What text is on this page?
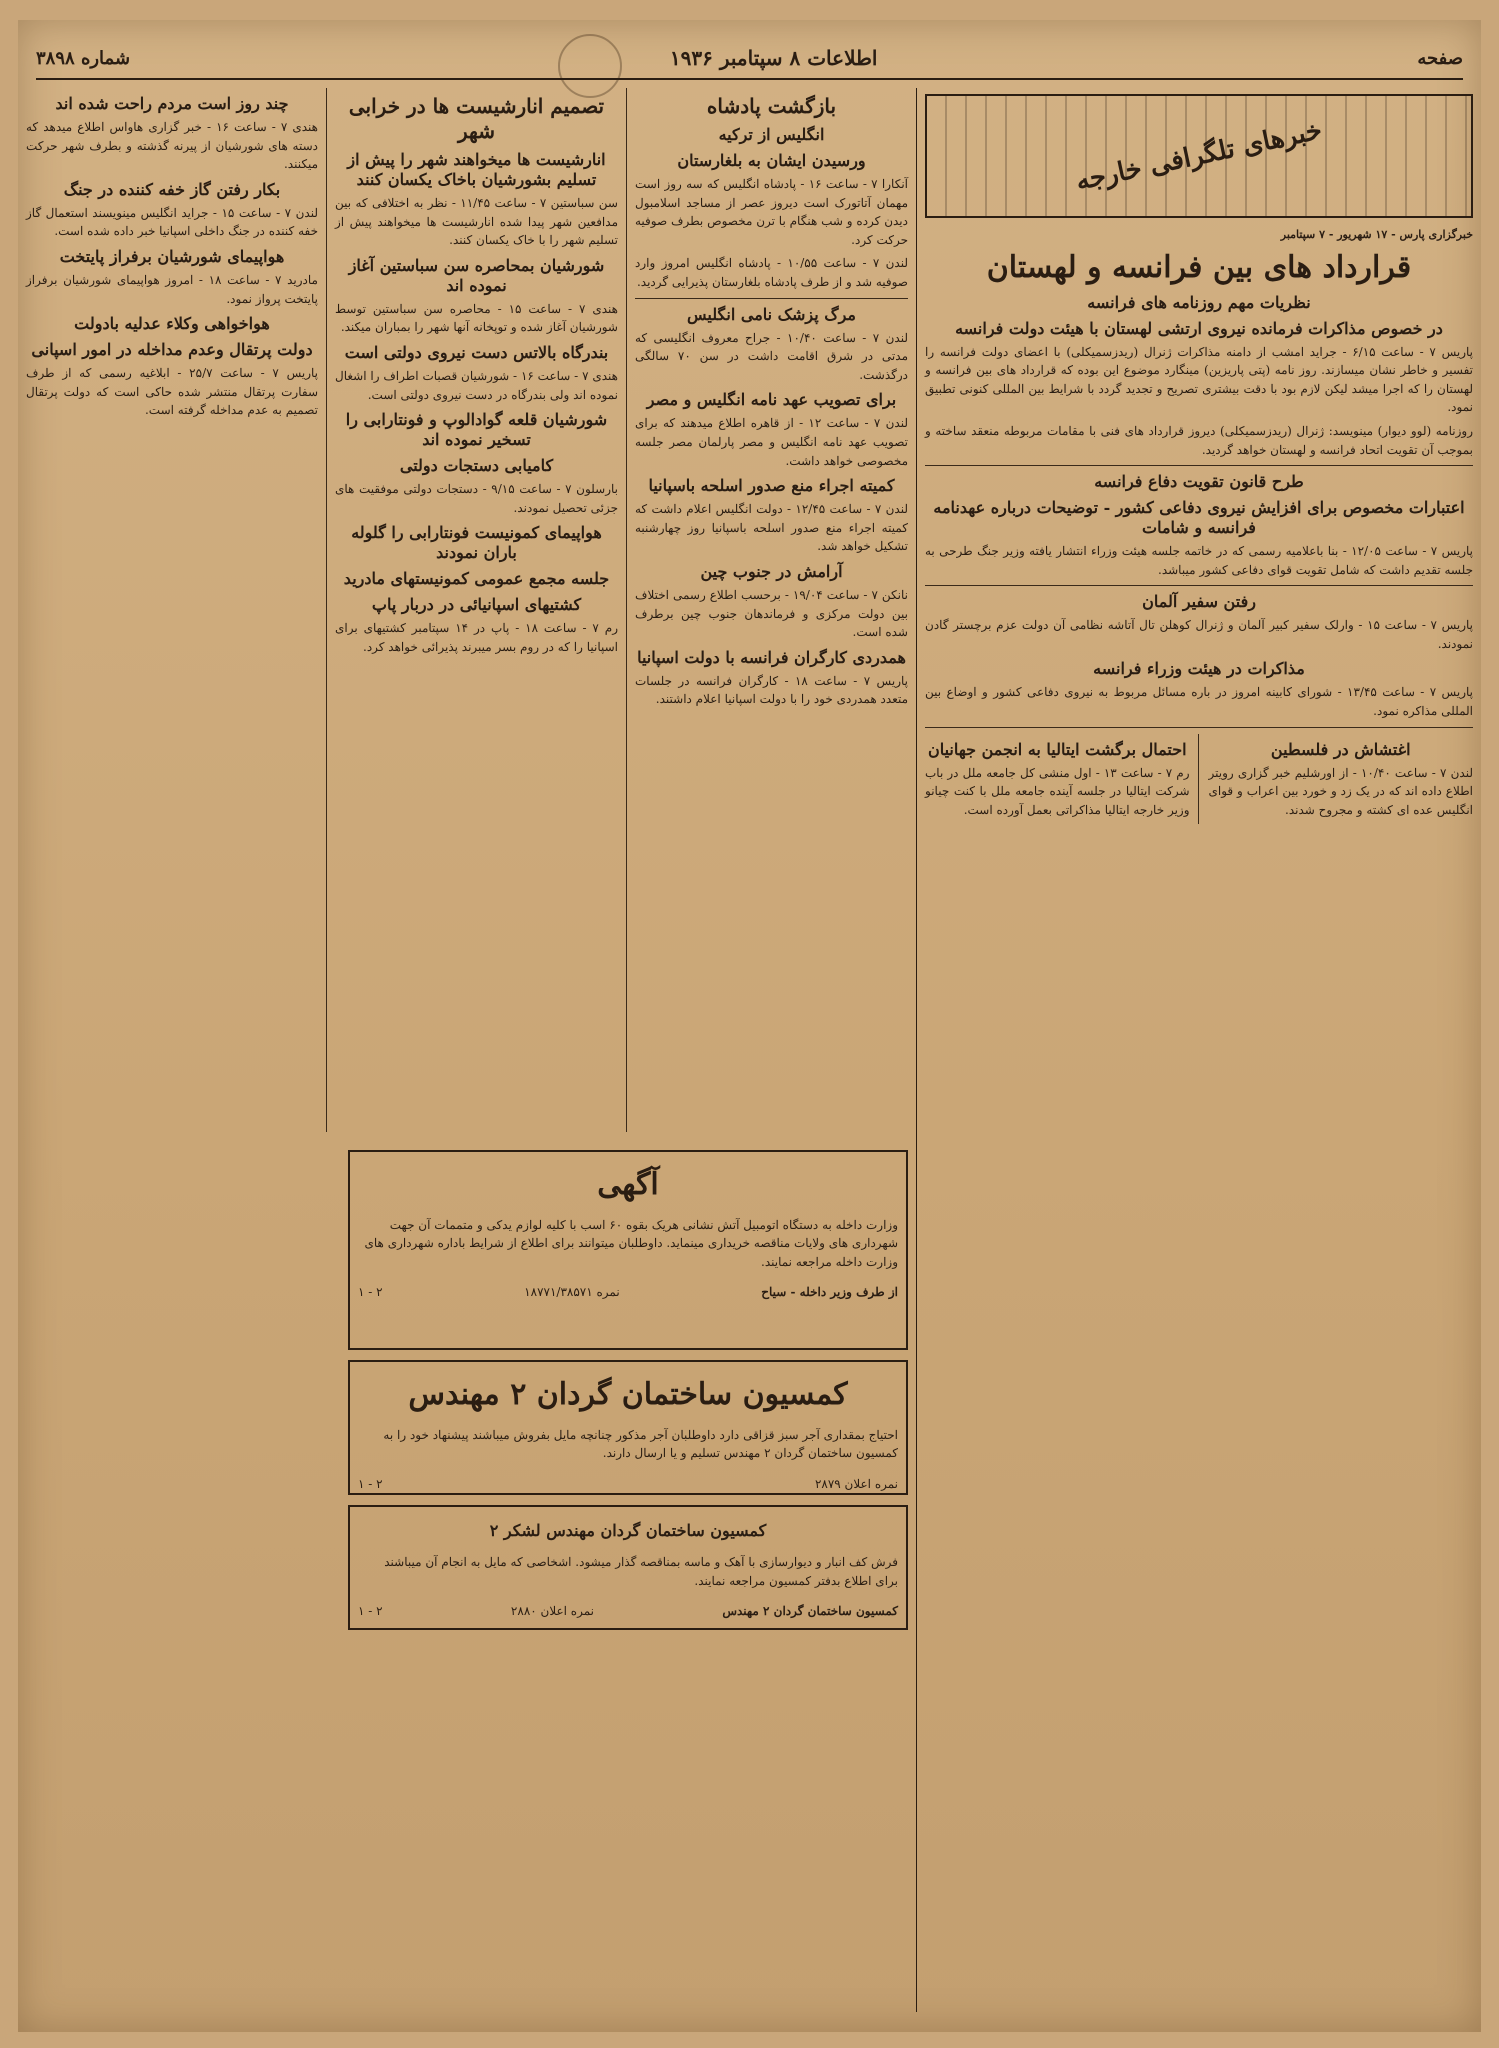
صفحه
اطلاعات ۸ سپتامبر ۱۹۳۶
شماره ۳۸۹۸
خبرهای تلگرافی خارجه
خبرگزاری پارس - ۱۷ شهریور - ۷ سپتامبر
قرارداد های بین فرانسه و لهستان
نظریات مهم روزنامه های فرانسه
در خصوص مذاکرات فرمانده نیروی ارتشی لهستان با هیئت دولت فرانسه

پاریس ۷ - ساعت ۶/۱۵ - جراید امشب از دامنه مذاکرات ژنرال (ریدزسمیکلی) با اعضای دولت فرانسه را تفسیر و خاطر نشان میسازند. روز نامه (پتی پاریزین) مینگارد موضوع این بوده که قرارداد های بین فرانسه و لهستان را که اجرا میشد لیکن لازم بود با دقت بیشتری تصریح و تجدید گردد با شرایط بین المللی کنونی تطبیق نمود.

روزنامه (لوو دیوار) مینویسد: ژنرال (ریدزسمیکلی) دیروز قرارداد های فنی با مقامات مربوطه منعقد ساخته و بموجب آن تقویت اتحاد فرانسه و لهستان خواهد گردید.

طرح قانون تقویت دفاع فرانسه
اعتبارات مخصوص برای افزایش نیروی دفاعی کشور - توضیحات درباره عهدنامه فرانسه و شامات

پاریس ۷ - ساعت ۱۲/۰۵ - بنا باعلامیه رسمی که در خاتمه جلسه هیئت وزراء انتشار یافته وزیر جنگ طرحی به جلسه تقدیم داشت که شامل تقویت قوای دفاعی کشور میباشد.

رفتن سفیر آلمان

پاریس ۷ - ساعت ۱۵ - وارلک سفیر کبیر آلمان و ژنرال کوهلن تال آتاشه نظامی آن دولت عزم برچستر گادن نمودند.

مذاکرات در هیئت وزراء فرانسه

پاریس ۷ - ساعت ۱۳/۴۵ - شورای کابینه امروز در باره مسائل مربوط به نیروی دفاعی کشور و اوضاع بین المللی مذاکره نمود.

اغتشاش در فلسطین

لندن ۷ - ساعت ۱۰/۴۰ - از اورشلیم خبر گزاری رویتر اطلاع داده اند که در یک زد و خورد بین اعراب و قوای انگلیس عده ای کشته و مجروح شدند.

احتمال برگشت ایتالیا به انجمن جهانیان

رم ۷ - ساعت ۱۳ - اول منشی کل جامعه ملل در باب شرکت ایتالیا در جلسه آینده جامعه ملل با کنت چیانو وزیر خارجه ایتالیا مذاکراتی بعمل آورده است.

بازگشت پادشاه
انگلیس از ترکیه
ورسیدن ایشان به بلغارستان

آنکارا ۷ - ساعت ۱۶ - پادشاه انگلیس که سه روز است مهمان آتاتورک است دیروز عصر از مساجد اسلامبول دیدن کرده و شب هنگام با ترن مخصوص بطرف صوفیه حرکت کرد.

لندن ۷ - ساعت ۱۰/۵۵ - پادشاه انگلیس امروز وارد صوفیه شد و از طرف پادشاه بلغارستان پذیرایی گردید.

مرگ پزشک نامی انگلیس

لندن ۷ - ساعت ۱۰/۴۰ - جراح معروف انگلیسی که مدتی در شرق اقامت داشت در سن ۷۰ سالگی درگذشت.

برای تصویب عهد نامه انگلیس و مصر

لندن ۷ - ساعت ۱۲ - از قاهره اطلاع میدهند که برای تصویب عهد نامه انگلیس و مصر پارلمان مصر جلسه مخصوصی خواهد داشت.

کمیته اجراء منع صدور اسلحه باسپانیا

لندن ۷ - ساعت ۱۲/۴۵ - دولت انگلیس اعلام داشت که کمیته اجراء منع صدور اسلحه باسپانیا روز چهارشنبه تشکیل خواهد شد.

آرامش در جنوب چین

نانکن ۷ - ساعت ۱۹/۰۴ - برحسب اطلاع رسمی اختلاف بین دولت مرکزی و فرماندهان جنوب چین برطرف شده است.

همدردی کارگران فرانسه با دولت اسپانیا

پاریس ۷ - ساعت ۱۸ - کارگران فرانسه در جلسات متعدد همدردی خود را با دولت اسپانیا اعلام داشتند.

تصمیم انارشیست ها در خرابی شهر
انارشیست ها میخواهند شهر را پیش از تسلیم بشورشیان باخاک یکسان کنند

سن سباستین ۷ - ساعت ۱۱/۴۵ - نظر به اختلافی که بین مدافعین شهر پیدا شده انارشیست ها میخواهند پیش از تسلیم شهر را با خاک یکسان کنند.

شورشیان بمحاصره سن سباستین آغاز نموده اند

هندی ۷ - ساعت ۱۵ - محاصره سن سباستین توسط شورشیان آغاز شده و توپخانه آنها شهر را بمباران میکند.

بندرگاه بالاتس دست نیروی دولتی است

هندی ۷ - ساعت ۱۶ - شورشیان قصبات اطراف را اشغال نموده اند ولی بندرگاه در دست نیروی دولتی است.

شورشیان قلعه گوادالوپ و فونتارابی را تسخیر نموده اند
کامیابی دستجات دولتی

بارسلون ۷ - ساعت ۹/۱۵ - دستجات دولتی موفقیت های جزئی تحصیل نمودند.

هواپیمای کمونیست فونتارابی را گلوله باران نمودند
جلسه مجمع عمومی کمونیستهای مادرید
کشتیهای اسپانیائی در دربار پاپ

رم ۷ - ساعت ۱۸ - پاپ در ۱۴ سپتامبر کشتیهای برای اسپانیا را که در روم بسر میبرند پذیرائی خواهد کرد.

چند روز است مردم راحت شده اند

هندی ۷ - ساعت ۱۶ - خبر گزاری هاواس اطلاع میدهد که دسته های شورشیان از پیرنه گذشته و بطرف شهر حرکت میکنند.

بکار رفتن گاز خفه کننده در جنگ

لندن ۷ - ساعت ۱۵ - جراید انگلیس مینویسند استعمال گاز خفه کننده در جنگ داخلی اسپانیا خبر داده شده است.

هواپیمای شورشیان برفراز پایتخت

مادرید ۷ - ساعت ۱۸ - امروز هواپیمای شورشیان برفراز پایتخت پرواز نمود.

هواخواهی وکلاء عدلیه بادولت
دولت پرتقال وعدم مداخله در امور اسپانی

پاریس ۷ - ساعت ۲۵/۷ - ابلاغیه رسمی که از طرف سفارت پرتقال منتشر شده حاکی است که دولت پرتقال تصمیم به عدم مداخله گرفته است.

آگهی

وزارت داخله به دستگاه اتومبیل آتش نشانی هریک بقوه ۶۰ اسب با کلیه لوازم یدکی و متممات آن جهت شهرداری های ولایات مناقصه خریداری مینماید. داوطلبان میتوانند برای اطلاع از شرایط باداره شهرداری های وزارت داخله مراجعه نمایند.

از طرف وزیر داخله - سیاح
نمره ۱۸۷۷۱/۳۸۵۷۱
۲ - ۱
کمسیون ساختمان گردان ۲ مهندس

احتیاج بمقداری آجر سبز قزاقی دارد داوطلبان آجر مذکور چنانچه مایل بفروش میباشند پیشنهاد خود را به کمسیون ساختمان گردان ۲ مهندس تسلیم و یا ارسال دارند.

نمره اعلان ۲۸۷۹
۲ - ۱
کمسیون ساختمان گردان مهندس لشکر ۲

فرش کف انبار و دیوارسازی با آهک و ماسه بمناقصه گذار میشود. اشخاصی که مایل به انجام آن میباشند برای اطلاع بدفتر کمسیون مراجعه نمایند.

کمسیون ساختمان گردان ۲ مهندس
نمره اعلان ۲۸۸۰
۲ - ۱
